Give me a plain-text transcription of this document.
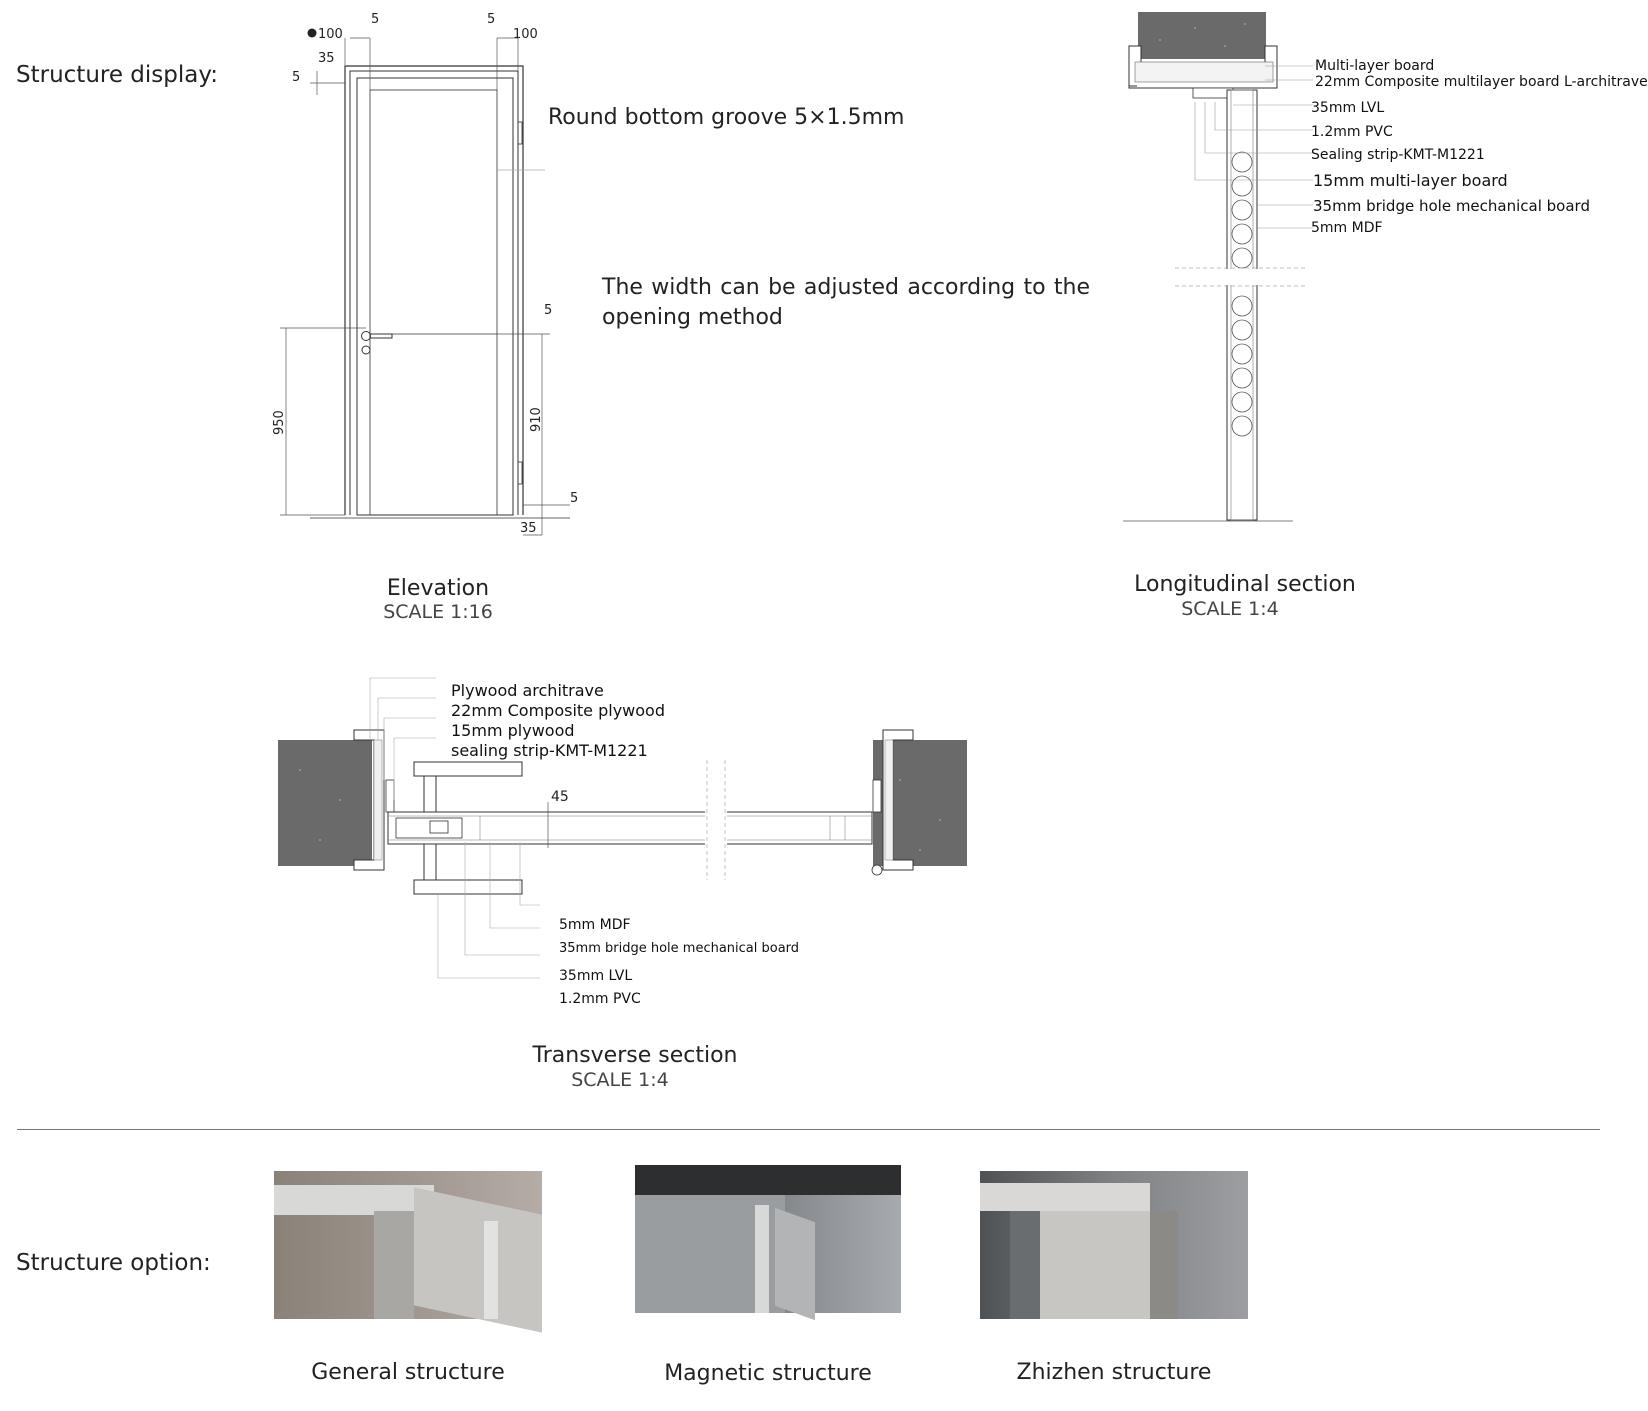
Structure display:
Structure option:
100
5	5
100
35
5
5
950	910
5
35
Round bottom groove 5×1.5mm
The width can be adjusted according to the opening method
Elevation
SCALE 1:16
Multi-layer board
22mm Composite multilayer board L-architrave
35mm LVL
1.2mm PVC
Sealing strip-KMT-M1221
15mm multi-layer board
35mm bridge hole mechanical board
5mm MDF
Longitudinal section
SCALE 1:4
45
Plywood architrave
22mm Composite plywood
15mm plywood
sealing strip-KMT-M1221
5mm MDF
35mm bridge hole mechanical board
35mm LVL
1.2mm PVC
Transverse section
SCALE 1:4
General structure	Magnetic structure	Zhizhen structure
